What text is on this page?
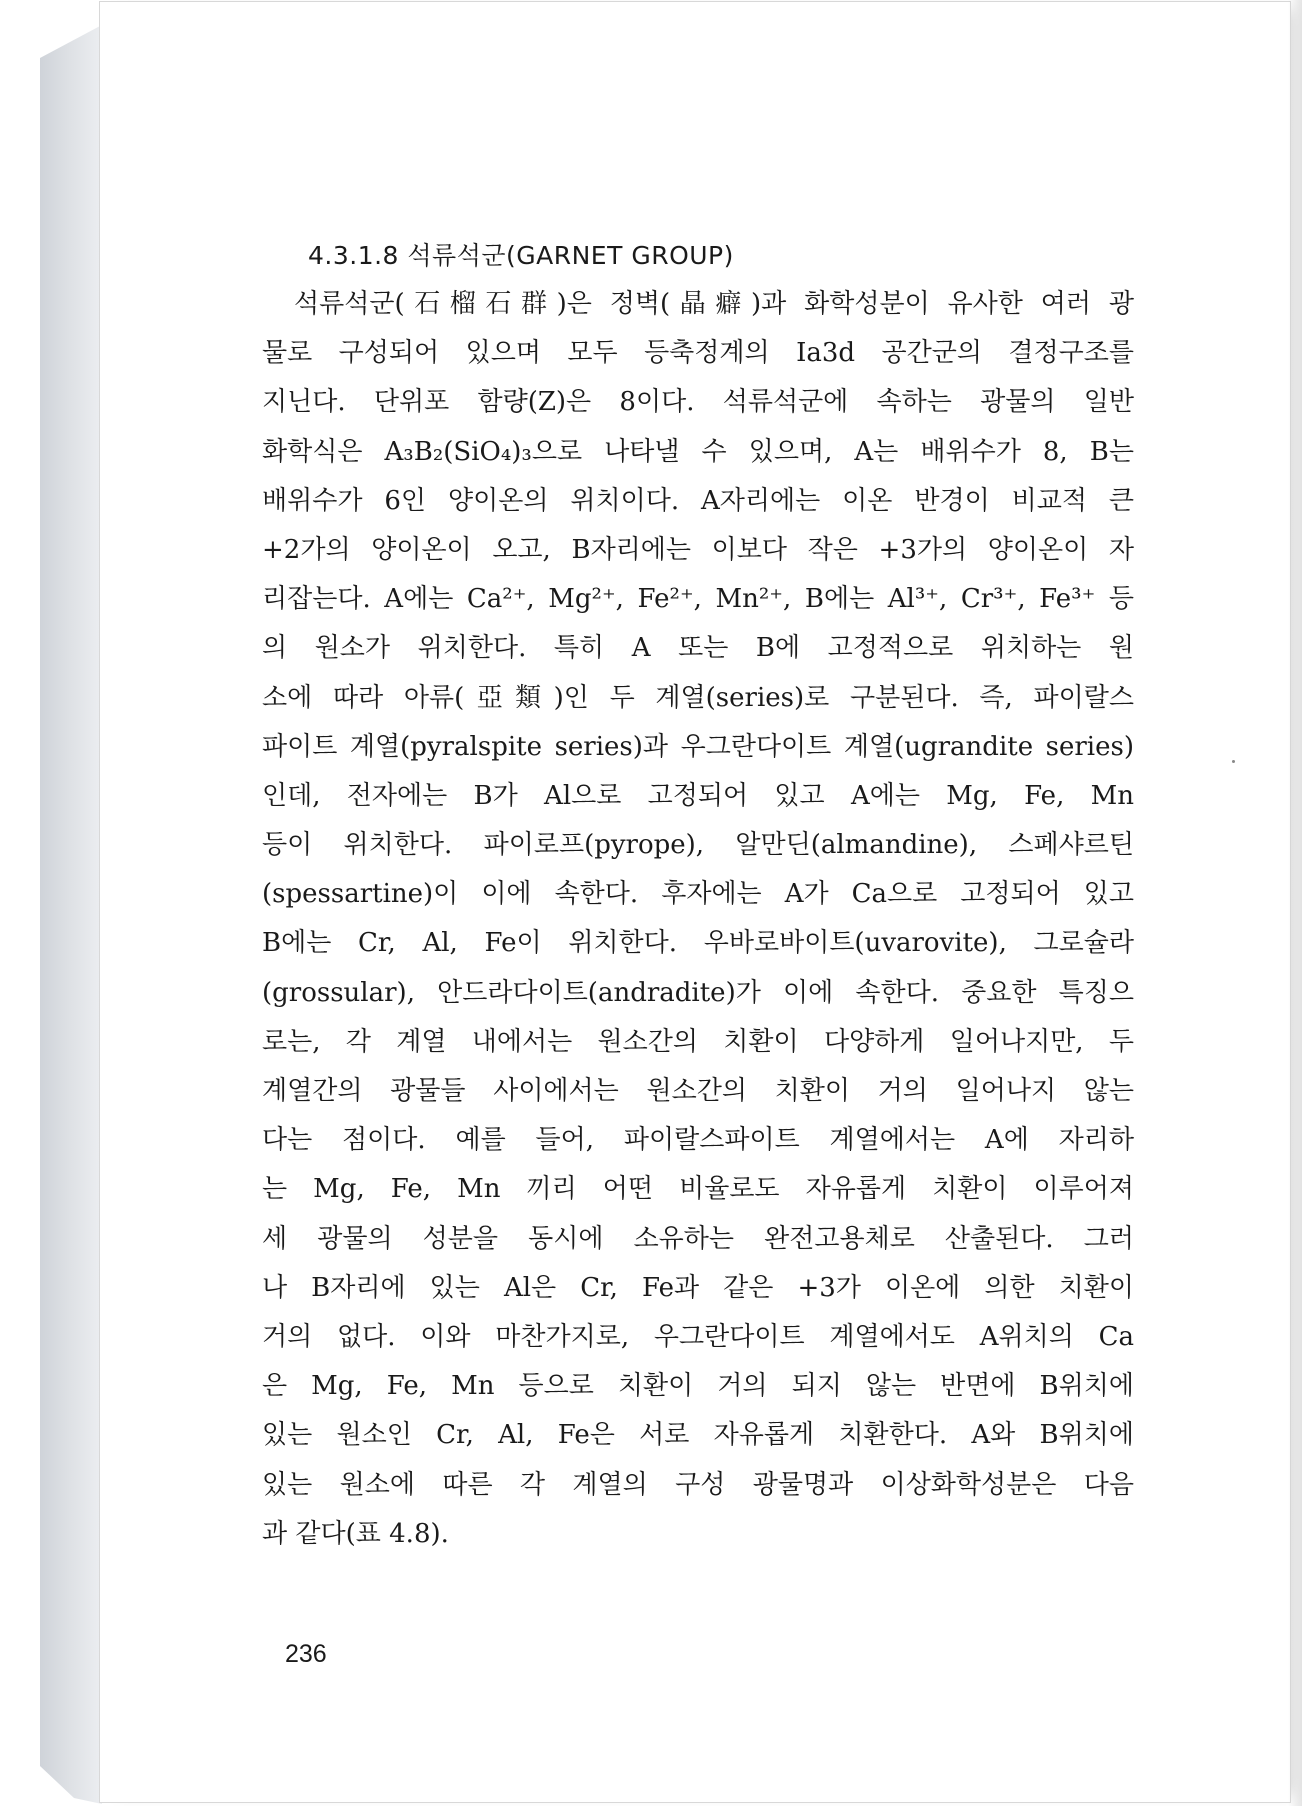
4.3.1.8 석류석군(GARNET GROUP)
석류석군(石榴石群)은 정벽(晶癖)과 화학성분이 유사한 여러 광
물로 구성되어 있으며 모두 등축정계의 Ia3d 공간군의 결정구조를
지닌다. 단위포 함량(Z)은 8이다. 석류석군에 속하는 광물의 일반
화학식은 A₃B₂(SiO₄)₃으로 나타낼 수 있으며, A는 배위수가 8, B는
배위수가 6인 양이온의 위치이다. A자리에는 이온 반경이 비교적 큰
+2가의 양이온이 오고, B자리에는 이보다 작은 +3가의 양이온이 자
리잡는다. A에는 Ca²⁺, Mg²⁺, Fe²⁺, Mn²⁺, B에는 Al³⁺, Cr³⁺, Fe³⁺ 등
의 원소가 위치한다. 특히 A 또는 B에 고정적으로 위치하는 원
소에 따라 아류(亞類)인 두 계열(series)로 구분된다. 즉, 파이랄스
파이트 계열(pyralspite series)과 우그란다이트 계열(ugrandite series)
인데, 전자에는 B가 Al으로 고정되어 있고 A에는 Mg, Fe, Mn
등이 위치한다. 파이로프(pyrope), 알만딘(almandine), 스페샤르틴
(spessartine)이 이에 속한다. 후자에는 A가 Ca으로 고정되어 있고
B에는 Cr, Al, Fe이 위치한다. 우바로바이트(uvarovite), 그로슐라
(grossular), 안드라다이트(andradite)가 이에 속한다. 중요한 특징으
로는, 각 계열 내에서는 원소간의 치환이 다양하게 일어나지만, 두
계열간의 광물들 사이에서는 원소간의 치환이 거의 일어나지 않는
다는 점이다. 예를 들어, 파이랄스파이트 계열에서는 A에 자리하
는 Mg, Fe, Mn 끼리 어떤 비율로도 자유롭게 치환이 이루어져
세 광물의 성분을 동시에 소유하는 완전고용체로 산출된다. 그러
나 B자리에 있는 Al은 Cr, Fe과 같은 +3가 이온에 의한 치환이
거의 없다. 이와 마찬가지로, 우그란다이트 계열에서도 A위치의 Ca
은 Mg, Fe, Mn 등으로 치환이 거의 되지 않는 반면에 B위치에
있는 원소인 Cr, Al, Fe은 서로 자유롭게 치환한다. A와 B위치에
있는 원소에 따른 각 계열의 구성 광물명과 이상화학성분은 다음
과 같다(표 4.8).
236
